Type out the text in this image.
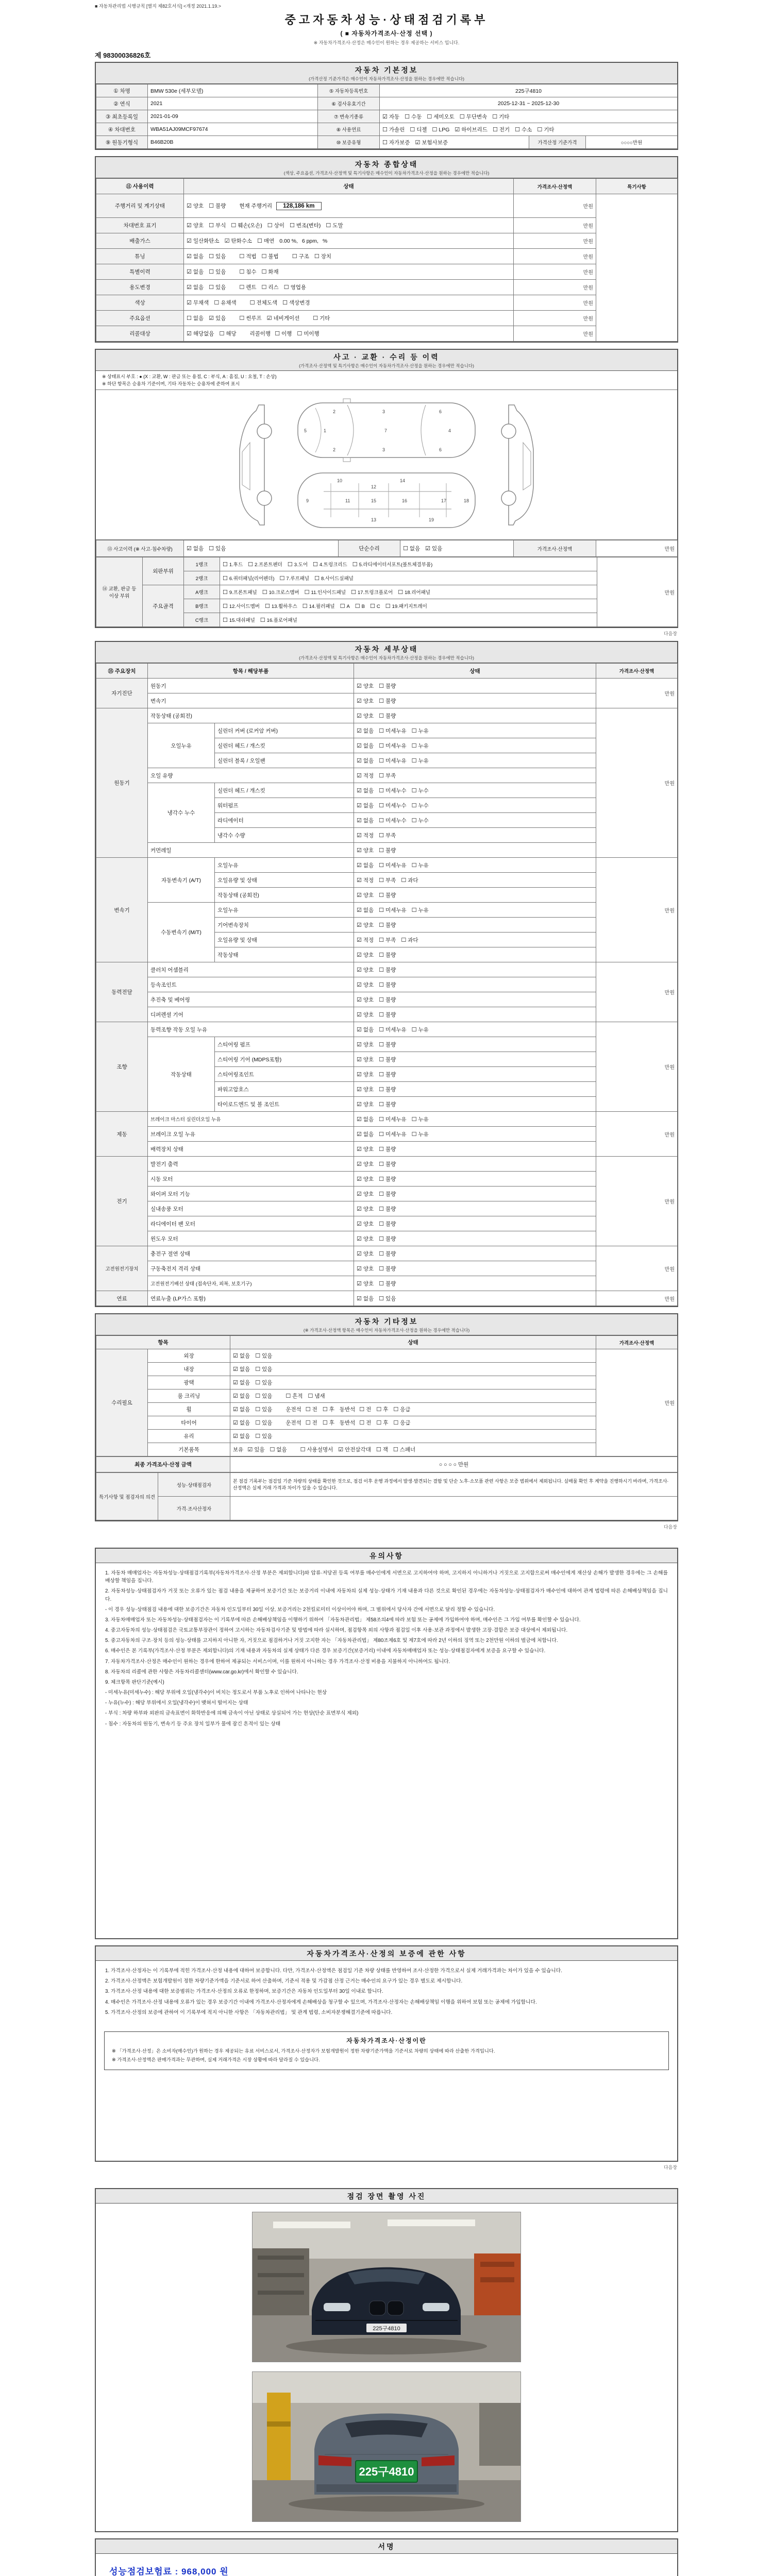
■ 자동차관리법 시행규칙 [별지 제82호서식] <개정 2021.1.19.>
중고자동차성능·상태점검기록부
( ■ 자동차가격조사·산정 선택 )
※ 자동차가격조사·산정은 매수인이 원하는 경우 제공하는 서비스 입니다.
제 98300036826호
자동차 기본정보
(가격산정 기준가격은 매수인이 자동차가격조사·산정을 원하는 경우에만 적습니다)
① 차명	BMW 530e (세부모델)	⑤ 자동차등록번호	225구4810		
② 연식	2021	⑥ 검사유효기간	2025-12-31 ~ 2025-12-30		
③ 최초등록일	2021-01-09	⑦ 변속기종류	☑ 자동 ☐ 수동 ☐ 세미오토 ☐ 무단변속 ☐ 기타		
④ 차대번호	WBA51AJ09MCF97674	⑧ 사용연료	☐ 가솔린 ☐ 디젤 ☐ LPG ☑ 하이브리드 ☐ 전기 ☐ 수소 ☐ 기타		
⑨ 원동기형식	B46B20B	⑩ 보증유형	☐ 자가보증 ☑ 보험사보증	가격산정 기준가격	○○○○만원
자동차 종합상태
(색상, 주요옵션, 가격조사·산정액 및 특기사항은 매수인이 자동차가격조사·산정을 원하는 경우에만 적습니다)
⑪ 사용이력	상태	가격조사·산정액	특기사항
주행거리 및 계기상태	☑ 양호 ☐ 불량 현재 주행거리 128,186 km	만원	
차대번호 표기	☑ 양호 ☐ 부식 ☐ 훼손(오손) ☐ 상이 ☐ 변조(변타) ☐ 도말	만원	
배출가스	☑ 일산화탄소 ☑ 탄화수소 ☐ 매연 0.00 %, 6 ppm, %	만원	
튜닝	☑ 없음 ☐ 있음 ☐ 적법 ☐ 불법 ☐ 구조 ☐ 장치	만원	
특별이력	☑ 없음 ☐ 있음 ☐ 침수 ☐ 화재	만원	
용도변경	☑ 없음 ☐ 있음 ☐ 렌트 ☐ 리스 ☐ 영업용	만원	
색상	☑ 무채색 ☐ 유채색 ☐ 전체도색 ☐ 색상변경	만원	
주요옵션	☐ 없음 ☑ 있음 ☐ 썬루프 ☑ 네비게이션 ☐ 기타	만원	
리콜대상	☑ 해당없음 ☐ 해당 리콜이행 ☐ 이행 ☐ 미이행	만원	
사고 · 교환 · 수리 등 이력
(가격조사·산정액 및 특기사항은 매수인이 자동차가격조사·산정을 원하는 경우에만 적습니다)
※ 상태표시 부호 : ● (X : 교환, W : 판금 또는 용접, C : 부식, A : 흠집, U : 요철, T : 손상)
※ 하단 항목은 승용차 기준이며, 기타 자동차는 승용차에 준하여 표시
1
2
2
3
3
4
5
6
6
7
9
10
11
12
13
14
15	16	17	18
19
⑬ 사고이력 (※ 사고·침수차량)	☑ 없음 ☐ 있음	단순수리	☐ 없음 ☑ 있음	가격조사·산정액	만원
⑭ 교환, 판금 등 이상 부위	외판부위	1랭크	☐ 1.후드 ☐ 2.프론트펜더 ☐ 3.도어 ☐ 4.트렁크리드 ☐ 5.라디에이터서포트(볼트체결부품)	만원
		2랭크	☐ 6.쿼터패널(리어펜더) ☐ 7.루프패널 ☐ 8.사이드실패널	
	주요골격	A랭크	☐ 9.프론트패널 ☐ 10.크로스멤버 ☐ 11.인사이드패널 ☐ 17.트렁크플로어 ☐ 18.리어패널	
		B랭크	☐ 12.사이드멤버 ☐ 13.휠하우스 ☐ 14.필러패널 ☐ A ☐ B ☐ C ☐ 19.패키지트레이	
		C랭크	☐ 15.대쉬패널 ☐ 16.플로어패널	
다음장
자동차 세부상태
(가격조사·산정액 및 특기사항은 매수인이 자동차가격조사·산정을 원하는 경우에만 적습니다)
⑮ 주요장치	항목 / 해당부품		상태	가격조사·산정액
자기진단	원동기		☑ 양호 ☐ 불량	만원
	변속기		☑ 양호 ☐ 불량	
원동기	작동상태 (공회전)		☑ 양호 ☐ 불량	만원
	오일누유	실린더 커버 (로커암 커버)	☑ 없음 ☐ 미세누유 ☐ 누유	
		실린더 헤드 / 개스킷	☑ 없음 ☐ 미세누유 ☐ 누유	
		실린더 블록 / 오일팬	☑ 없음 ☐ 미세누유 ☐ 누유	
	오일 유량		☑ 적정 ☐ 부족	
	냉각수 누수	실린더 헤드 / 개스킷	☑ 없음 ☐ 미세누수 ☐ 누수	
		워터펌프	☑ 없음 ☐ 미세누수 ☐ 누수	
		라디에이터	☑ 없음 ☐ 미세누수 ☐ 누수	
		냉각수 수량	☑ 적정 ☐ 부족	
	커먼레일		☑ 양호 ☐ 불량	
변속기	자동변속기 (A/T)	오일누유	☑ 없음 ☐ 미세누유 ☐ 누유	만원
		오일유량 및 상태	☑ 적정 ☐ 부족 ☐ 과다	
		작동상태 (공회전)	☑ 양호 ☐ 불량	
	수동변속기 (M/T)	오일누유	☑ 없음 ☐ 미세누유 ☐ 누유	
		기어변속장치	☑ 양호 ☐ 불량	
		오일유량 및 상태	☑ 적정 ☐ 부족 ☐ 과다	
		작동상태	☑ 양호 ☐ 불량	
동력전달	클러치 어셈블리		☑ 양호 ☐ 불량	만원
	등속조인트		☑ 양호 ☐ 불량	
	추진축 및 베어링		☑ 양호 ☐ 불량	
	디퍼렌셜 기어		☑ 양호 ☐ 불량	
조향	동력조향 작동 오일 누유		☑ 없음 ☐ 미세누유 ☐ 누유	만원
	작동상태	스티어링 펌프	☑ 양호 ☐ 불량	
		스티어링 기어 (MDPS포함)	☑ 양호 ☐ 불량	
		스티어링조인트	☑ 양호 ☐ 불량	
		파워고압호스	☑ 양호 ☐ 불량	
		타이로드엔드 및 볼 조인트	☑ 양호 ☐ 불량	
제동	브레이크 마스터 실린더오일 누유		☑ 없음 ☐ 미세누유 ☐ 누유	만원
	브레이크 오일 누유		☑ 없음 ☐ 미세누유 ☐ 누유	
	배력장치 상태		☑ 양호 ☐ 불량	
전기	발전기 출력		☑ 양호 ☐ 불량	만원
	시동 모터		☑ 양호 ☐ 불량	
	와이퍼 모터 기능		☑ 양호 ☐ 불량	
	실내송풍 모터		☑ 양호 ☐ 불량	
	라디에이터 팬 모터		☑ 양호 ☐ 불량	
	윈도우 모터		☑ 양호 ☐ 불량	
고전원전기장치	충전구 절연 상태		☑ 양호 ☐ 불량	만원
	구동축전지 격리 상태		☑ 양호 ☐ 불량	
	고전원전기배선 상태 (접속단자, 피복, 보호기구)		☑ 양호 ☐ 불량	
연료	연료누출 (LP가스 포함)		☑ 없음 ☐ 있음	만원
자동차 기타정보
(※ 가격조사·산정액 항목은 매수인이 자동차가격조사·산정을 원하는 경우에만 적습니다)
항목		상태	가격조사·산정액
수리필요	외장	☑ 없음 ☐ 있음	만원
	내장	☑ 없음 ☐ 있음	
	광택	☑ 없음 ☐ 있음	
	룸 크리닝	☑ 없음 ☐ 있음 ☐ 흔적 ☐ 냄새	
	휠	☑ 없음 ☐ 있음 운전석 ☐ 전 ☐ 후 동반석 ☐ 전 ☐ 후 ☐ 응급	
	타이어	☑ 없음 ☐ 있음 운전석 ☐ 전 ☐ 후 동반석 ☐ 전 ☐ 후 ☐ 응급	
	유리	☑ 없음 ☐ 있음	
	기본품목	보유 ☑ 있음 ☐ 없음 ☐ 사용설명서 ☑ 안전삼각대 ☐ 잭 ☐ 스패너	
최종 가격조사·산정 금액	○ ○ ○ ○ 만원
특기사항 및 점검자의 의견	성능·상태점검자	본 점검 기록부는 점검일 기준 차량의 상태를 확인한 것으로, 점검 이후 운행 과정에서 발생·발견되는 결함 및 단순 노후·소모품 관련 사항은 보증 범위에서 제외됩니다. 실매물 확인 후 계약을 진행하시기 바라며, 가격조사·산정액은 실제 거래 가격과 차이가 있을 수 있습니다.
	가격·조사산정자	
다음장
유의사항

1. 자동차 매매업자는 자동차성능·상태점검기록부(자동차가격조사·산정 부분은 제외합니다)와 압류·저당권 등록 여부를 매수인에게 서면으로 고지하여야 하며, 고지하지 아니하거나 거짓으로 고지함으로써 매수인에게 재산상 손해가 발생한 경우에는 그 손해를 배상할 책임을 집니다.

2. 자동차성능·상태점검자가 거짓 또는 오류가 있는 점검 내용을 제공하여 보증기간 또는 보증거리 이내에 자동차의 실제 성능·상태가 기재 내용과 다른 것으로 확인된 경우에는 자동차성능·상태점검자가 매수인에 대하여 관계 법령에 따른 손해배상책임을 집니다.

- 이 경우 성능·상태점검 내용에 대한 보증기간은 자동차 인도일부터 30일 이상, 보증거리는 2천킬로미터 이상이어야 하며, 그 범위에서 당사자 간에 서면으로 달리 정할 수 있습니다.

3. 자동차매매업자 또는 자동차성능·상태점검자는 이 기록부에 따른 손해배상책임을 이행하기 위하여 「자동차관리법」 제58조의4에 따라 보험 또는 공제에 가입하여야 하며, 매수인은 그 가입 여부를 확인할 수 있습니다.

4. 중고자동차의 성능·상태점검은 국토교통부장관이 정하여 고시하는 자동차검사기준 및 방법에 따라 실시하며, 점검항목 외의 사항과 점검일 이후 사용·보관 과정에서 발생한 고장·결함은 보증 대상에서 제외됩니다.

5. 중고자동차의 구조·장치 등의 성능·상태를 고지하지 아니한 자, 거짓으로 점검하거나 거짓 고지한 자는 「자동차관리법」 제80조제6호 및 제7호에 따라 2년 이하의 징역 또는 2천만원 이하의 벌금에 처합니다.

6. 매수인은 본 기록부(가격조사·산정 부분은 제외합니다)의 기재 내용과 자동차의 실제 상태가 다른 경우 보증기간(보증거리) 이내에 자동차매매업자 또는 성능·상태점검자에게 보증을 요구할 수 있습니다.

7. 자동차가격조사·산정은 매수인이 원하는 경우에 한하여 제공되는 서비스이며, 이를 원하지 아니하는 경우 가격조사·산정 비용을 지불하지 아니하여도 됩니다.

8. 자동차의 리콜에 관한 사항은 자동차리콜센터(www.car.go.kr)에서 확인할 수 있습니다.

9. 체크항목 판단기준(예시)

- 미세누유(미세누수) : 해당 부위에 오일(냉각수)이 비치는 정도로서 부품 노후로 인하여 나타나는 현상

- 누유(누수) : 해당 부위에서 오일(냉각수)이 맺혀서 떨어지는 상태

- 부식 : 차량 하부와 외판의 금속표면이 화학반응에 의해 금속이 아닌 상태로 상실되어 가는 현상(단순 표면부식 제외)

- 침수 : 자동차의 원동기, 변속기 등 주요 장치 일부가 물에 잠긴 흔적이 있는 상태

자동차가격조사·산정의 보증에 관한 사항

1. 가격조사·산정자는 이 기록부에 적힌 가격조사·산정 내용에 대하여 보증합니다. 다만, 가격조사·산정액은 점검일 기준 차량 상태를 반영하여 조사·산정한 가격으로서 실제 거래가격과는 차이가 있을 수 있습니다.

2. 가격조사·산정액은 보험개발원이 정한 차량기준가액을 기준서로 하여 산출하며, 기준서 적용 및 가감점 산정 근거는 매수인의 요구가 있는 경우 별도로 제시합니다.

3. 가격조사·산정 내용에 대한 보증범위는 가격조사·산정의 오류로 한정하며, 보증기간은 자동차 인도일부터 30일 이내로 합니다.

4. 매수인은 가격조사·산정 내용에 오류가 있는 경우 보증기간 이내에 가격조사·산정자에게 손해배상을 청구할 수 있으며, 가격조사·산정자는 손해배상책임 이행을 위하여 보험 또는 공제에 가입합니다.

5. 가격조사·산정의 보증에 관하여 이 기록부에 적지 아니한 사항은 「자동차관리법」 및 관계 법령, 소비자분쟁해결기준에 따릅니다.

자동차가격조사·산정이란

※ 「가격조사·산정」은 소비자(매수인)가 원하는 경우 제공되는 유료 서비스로서, 가격조사·산정자가 보험개발원이 정한 차량기준가액을 기준서로 차량의 상태에 따라 산출한 가격입니다.

※ 가격조사·산정액은 판매가격과는 무관하며, 실제 거래가격은 시장 상황에 따라 달라질 수 있습니다.

다음장
점검 장면 촬영 사진
225구4810
225구4810
서명
성능점검보험료 : 968,000 원
